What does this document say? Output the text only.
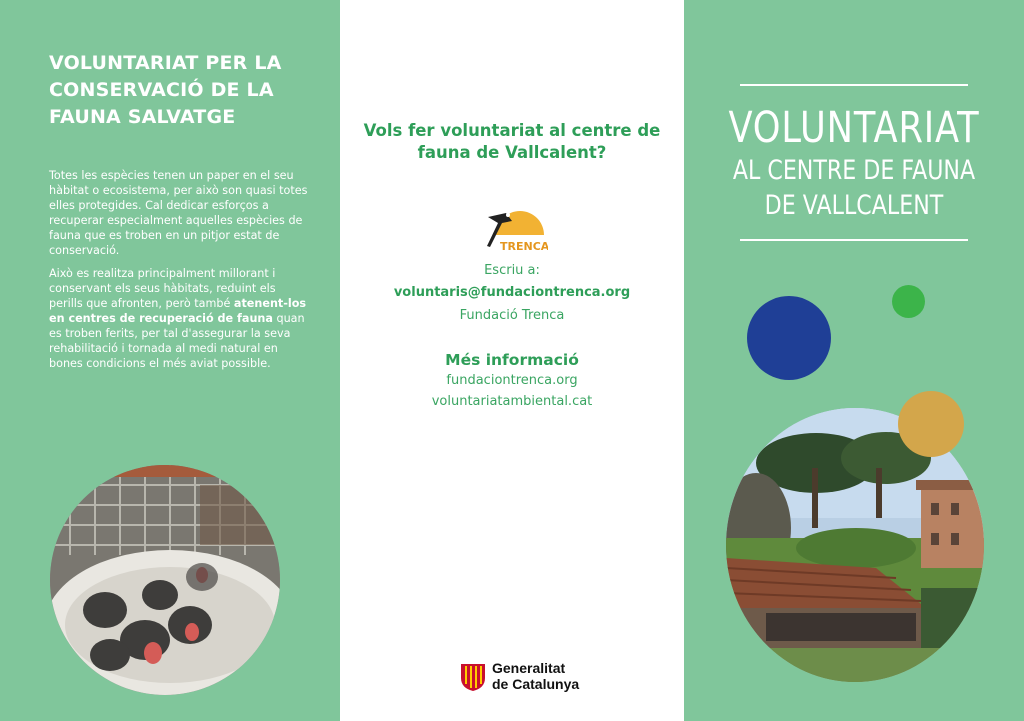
VOLUNTARIAT PER LA CONSERVACIÓ DE LA FAUNA SALVATGE

Totes les espècies tenen un paper en el seu hàbitat o ecosistema, per això son quasi totes elles protegides. Cal dedicar esforços a recuperar especialment aquelles espècies de fauna que es troben en un pitjor estat de conservació.

Això es realitza principalment millorant i conservant els seus hàbitats, reduint els perills que afronten, però també atenent-los en centres de recuperació de fauna quan es troben ferits, per tal d'assegurar la seva rehabilitació i tornada al medi natural en bones condicions el més aviat possible.

Vols fer voluntariat al centre de fauna de Vallcalent?
TRENCA
Escriu a:
voluntaris@fundaciontrenca.org
Fundació Trenca
Més informació
fundaciontrenca.org
voluntariatambiental.cat
Generalitat
de Catalunya
VOLUNTARIAT
AL CENTRE DE FAUNA
DE VALLCALENT
